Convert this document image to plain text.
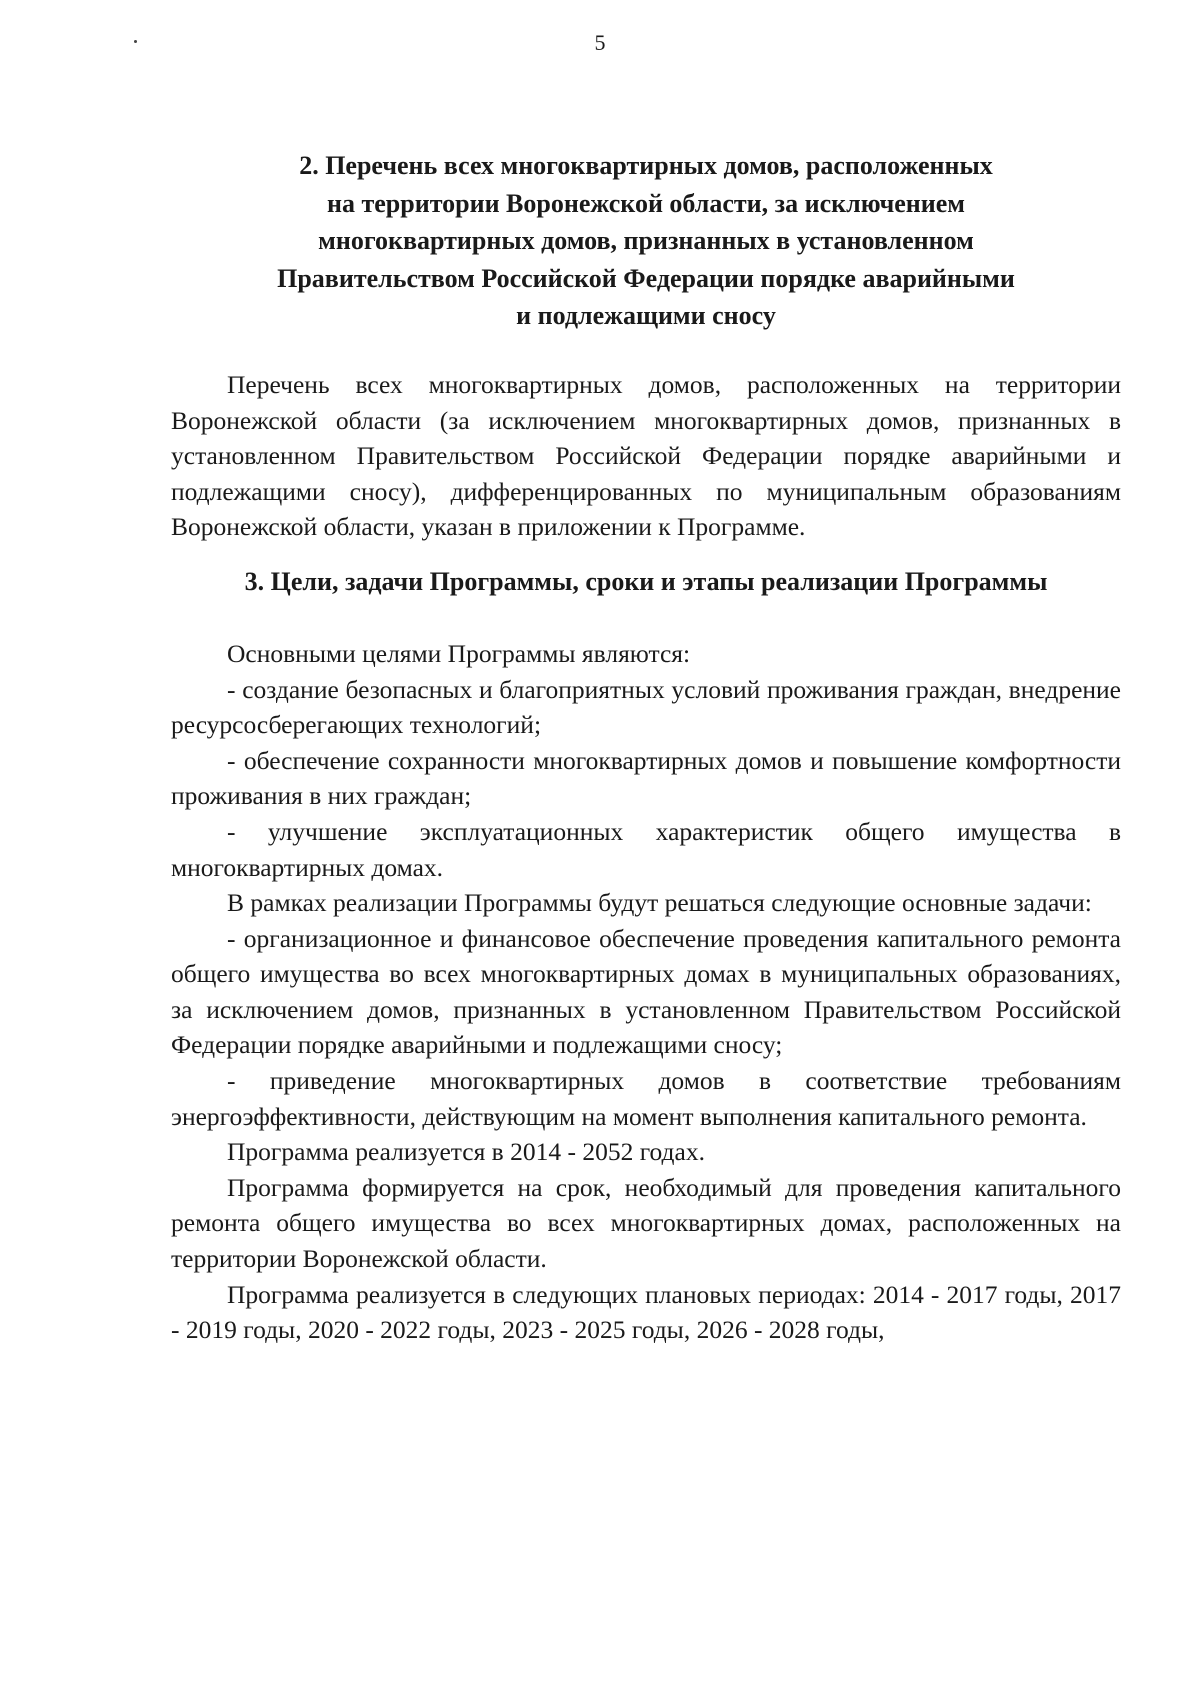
5
2. Перечень всех многоквартирных домов, расположенных
на территории Воронежской области, за исключением
многоквартирных домов, признанных в установленном
Правительством Российской Федерации порядке аварийными
и подлежащими сносу

Перечень всех многоквартирных домов, расположенных на территории Воронежской области (за исключением многоквартирных домов, признанных в установленном Правительством Российской Федерации порядке аварийными и подлежащими сносу), дифференцированных по муниципальным образованиям Воронежской области, указан в приложении к Программе.

3. Цели, задачи Программы, сроки и этапы реализации Программы

Основными целями Программы являются:

- создание безопасных и благоприятных условий проживания граждан, внедрение ресурсосберегающих технологий;

- обеспечение сохранности многоквартирных домов и повышение комфортности проживания в них граждан;

- улучшение эксплуатационных характеристик общего имущества в многоквартирных домах.

В рамках реализации Программы будут решаться следующие основные задачи:

- организационное и финансовое обеспечение проведения капитального ремонта общего имущества во всех многоквартирных домах в муниципальных образованиях, за исключением домов, признанных в установленном Правительством Российской Федерации порядке аварийными и подлежащими сносу;

- приведение многоквартирных домов в соответствие требованиям энергоэффективности, действующим на момент выполнения капитального ремонта.

Программа реализуется в 2014 - 2052 годах.

Программа формируется на срок, необходимый для проведения капитального ремонта общего имущества во всех многоквартирных домах, расположенных на территории Воронежской области.

Программа реализуется в следующих плановых периодах: 2014 - 2017 годы, 2017 - 2019 годы, 2020 - 2022 годы, 2023 - 2025 годы, 2026 - 2028 годы,
